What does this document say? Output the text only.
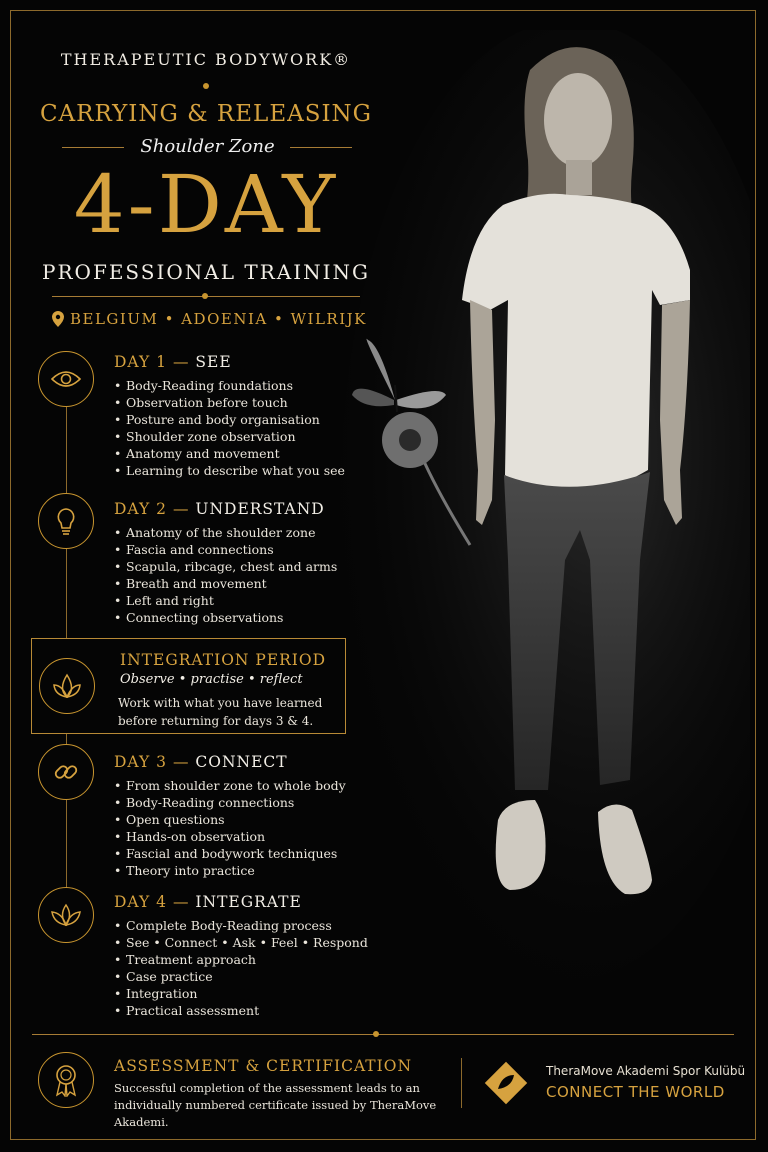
THERAPEUTIC BODYWORK®
CARRYING & RELEASING
Shoulder Zone
4-DAY
PROFESSIONAL TRAINING
BELGIUM • ADOENIA • WILRIJK
DAY 1 — SEE
• Body-Reading foundations
• Observation before touch
• Posture and body organisation
• Shoulder zone observation
• Anatomy and movement
• Learning to describe what you see
DAY 2 — UNDERSTAND
• Anatomy of the shoulder zone
• Fascia and connections
• Scapula, ribcage, chest and arms
• Breath and movement
• Left and right
• Connecting observations
INTEGRATION PERIOD
Observe • practise • reflect
Work with what you have learned before returning for days 3 & 4.
DAY 3 — CONNECT
• From shoulder zone to whole body
• Body-Reading connections
• Open questions
• Hands-on observation
• Fascial and bodywork techniques
• Theory into practice
DAY 4 — INTEGRATE
• Complete Body-Reading process
• See • Connect • Ask • Feel • Respond
• Treatment approach
• Case practice
• Integration
• Practical assessment
ASSESSMENT & CERTIFICATION
Successful completion of the assessment leads to an individually numbered certificate issued by TheraMove Akademi.
TheraMove Akademi Spor Kulübü
CONNECT THE WORLD
